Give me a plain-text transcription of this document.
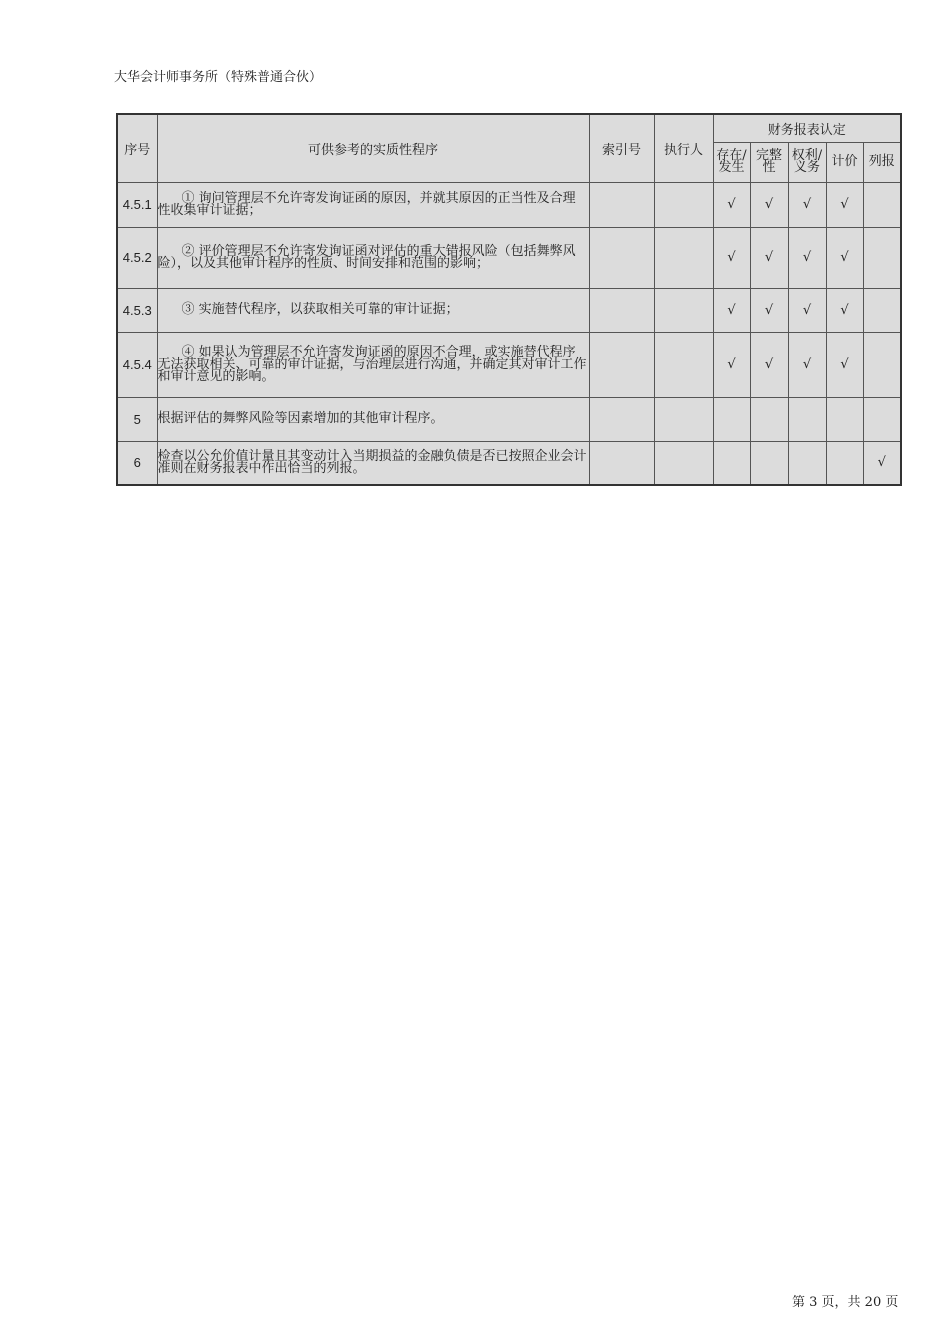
大华会计师事务所（特殊普通合伙）
序号	可供参考的实质性程序	索引号	执行人	财务报表认定				
				存在/发生	完整性	权利/义务	计价	列报
4.5.1	① 询问管理层不允许寄发询证函的原因，并就其原因的正当性及合理性收集审计证据；			√	√	√	√	
4.5.2	② 评价管理层不允许寄发询证函对评估的重大错报风险（包括舞弊风险），以及其他审计程序的性质、时间安排和范围的影响；			√	√	√	√	
4.5.3	③ 实施替代程序，以获取相关可靠的审计证据；			√	√	√	√	
4.5.4	④ 如果认为管理层不允许寄发询证函的原因不合理，或实施替代程序无法获取相关、可靠的审计证据，与治理层进行沟通，并确定其对审计工作和审计意见的影响。			√	√	√	√	
5	根据评估的舞弊风险等因素增加的其他审计程序。							
6	检查以公允价值计量且其变动计入当期损益的金融负债是否已按照企业会计准则在财务报表中作出恰当的列报。							√
第 3 页，共 20 页
